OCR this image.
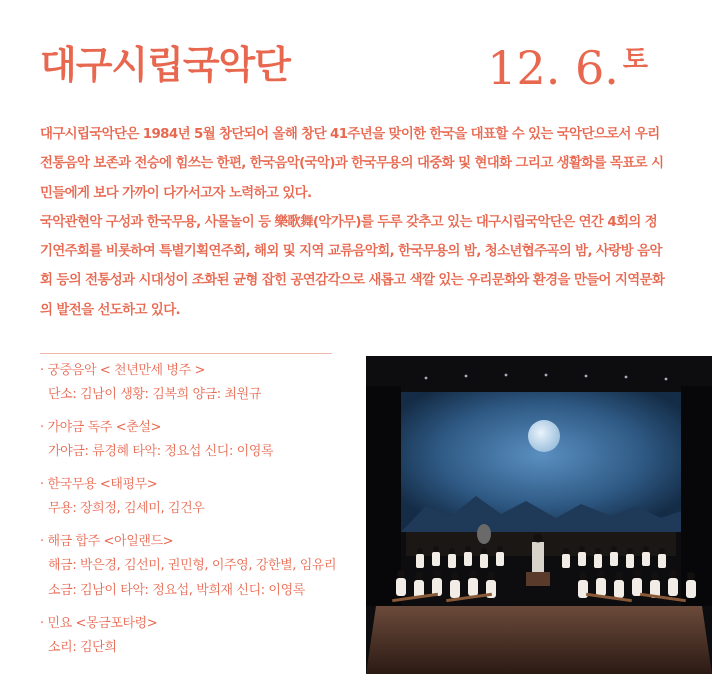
대구시립국악단	12. 6. $^토$

대구시립국악단은 1984년 5월 창단되어 올해 창단 41주년을 맞이한 한국을 대표할 수 있는 국악단으로서 우리 전통음악 보존과 전승에 힘쓰는 한편, 한국음악(국악)과 한국무용의 대중화 및 현대화 그리고 생활화를 목표로 시민들에게 보다 가까이 다가서고자 노력하고 있다.

국악관현악 구성과 한국무용, 사물놀이 등 樂歌舞(악가무)를 두루 갖추고 있는 대구시립국악단은 연간 4회의 정기연주회를 비롯하여 특별기획연주회, 해외 및 지역 교류음악회, 한국무용의 밤, 청소년협주곡의 밤, 사랑방 음악회 등의 전통성과 시대성이 조화된 균형 잡힌 공연감각으로 새롭고 색깔 있는 우리문화와 환경을 만들어 지역문화의 발전을 선도하고 있다.

· 궁중음악 < 천년만세 병주 >
단소: 김남이 생황: 김복희 양금: 최원규
· 가야금 독주 <춘설>
가야금: 류경혜 타악: 정요섭 신디: 이영록
· 한국무용 <태평무>
무용: 장희정, 김세미, 김건우
· 해금 합주 <아일랜드>
해금: 박은경, 김선미, 권민형, 이주영, 강한별, 임유리
소금: 김남이 타악: 정요섭, 박희재 신디: 이영록
· 민요 <몽금포타령>
소리: 김단희
